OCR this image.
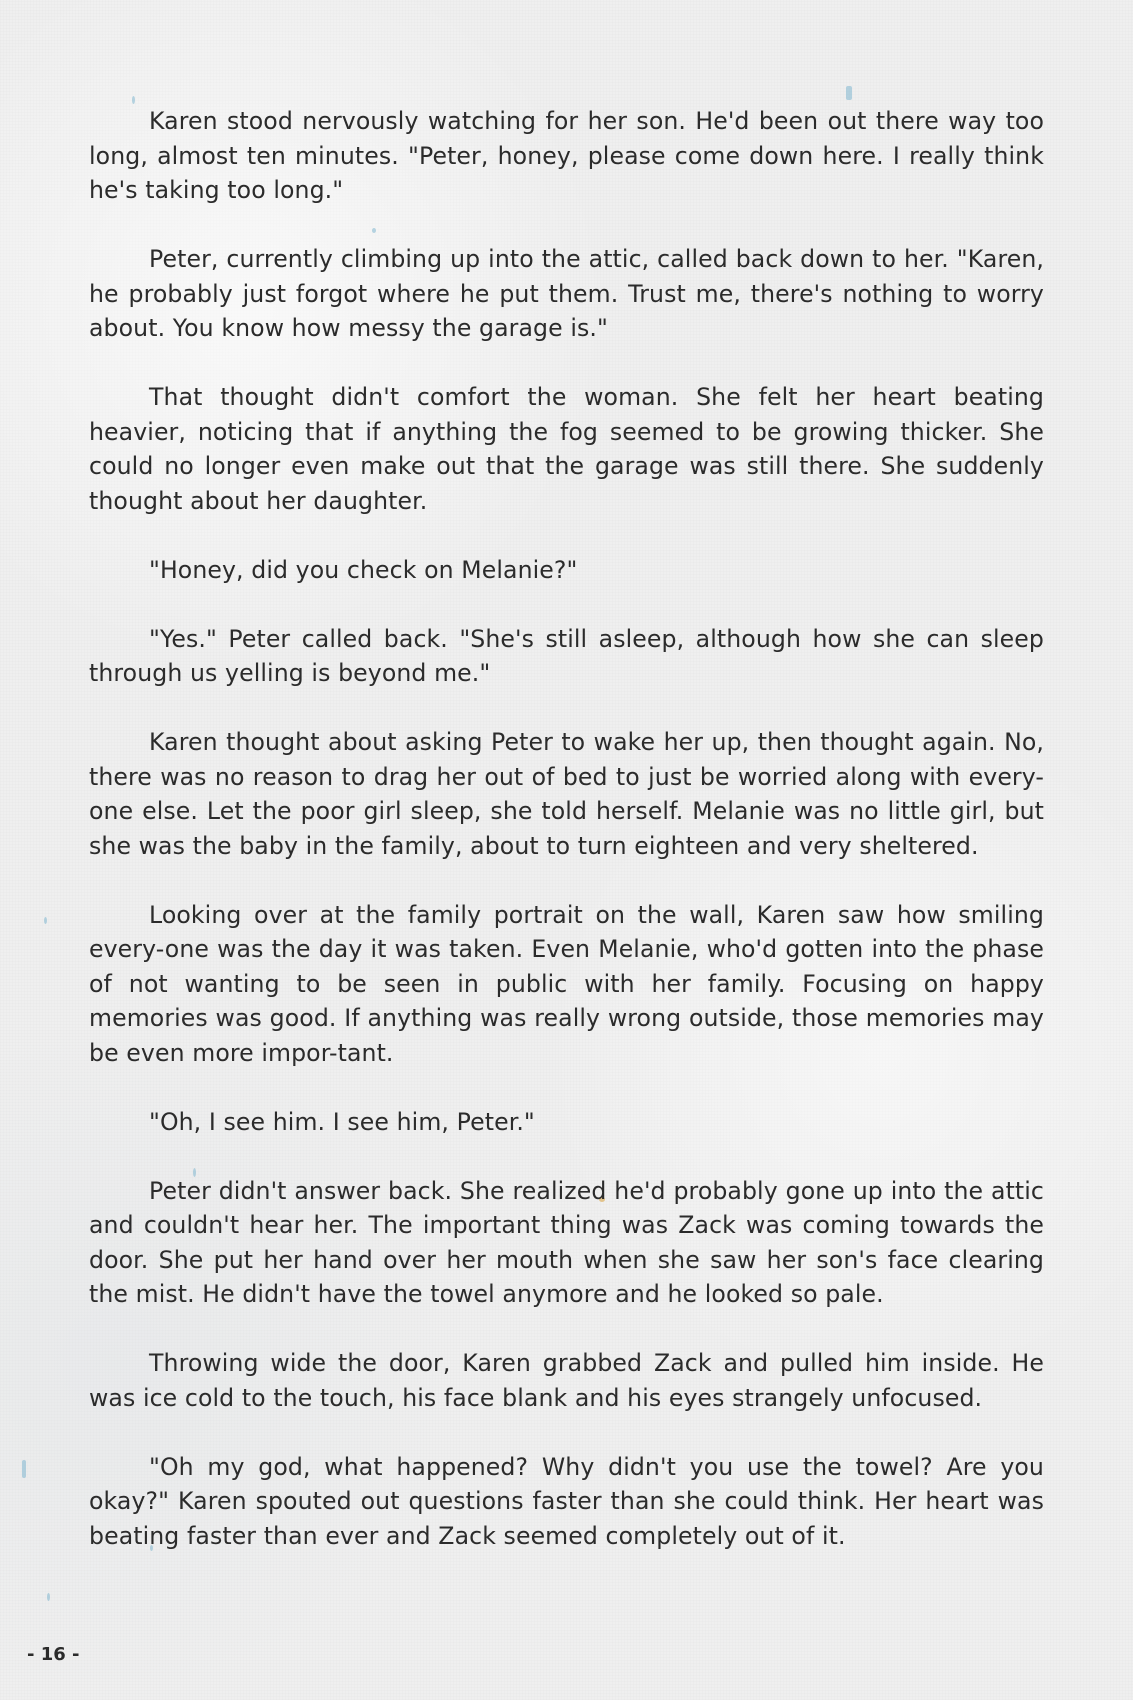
Karen stood nervously watching for her son. He'd been out there way too long, almost ten minutes. "Peter, honey, please come down here. I really think he's taking too long."

Peter, currently climbing up into the attic, called back down to her. "Karen, he probably just forgot where he put them. Trust me, there's nothing to worry about. You know how messy the garage is."

That thought didn't comfort the woman. She felt her heart beating heavier, noticing that if anything the fog seemed to be growing thicker. She could no longer even make out that the garage was still there. She suddenly thought about her daughter.

"Honey, did you check on Melanie?"

"Yes." Peter called back. "She's still asleep, although how she can sleep through us yelling is beyond me."

Karen thought about asking Peter to wake her up, then thought again. No, there was no reason to drag her out of bed to just be worried along with every-one else. Let the poor girl sleep, she told herself. Melanie was no little girl, but she was the baby in the family, about to turn eighteen and very sheltered.

Looking over at the family portrait on the wall, Karen saw how smiling every-one was the day it was taken. Even Melanie, who'd gotten into the phase of not wanting to be seen in public with her family. Focusing on happy memories was good. If anything was really wrong outside, those memories may be even more impor-tant.

"Oh, I see him. I see him, Peter."

Peter didn't answer back. She realized he'd probably gone up into the attic and couldn't hear her. The important thing was Zack was coming towards the door. She put her hand over her mouth when she saw her son's face clearing the mist. He didn't have the towel anymore and he looked so pale.

Throwing wide the door, Karen grabbed Zack and pulled him inside. He was ice cold to the touch, his face blank and his eyes strangely unfocused.

"Oh my god, what happened? Why didn't you use the towel? Are you okay?" Karen spouted out questions faster than she could think. Her heart was beating faster than ever and Zack seemed completely out of it.

- 16 -
